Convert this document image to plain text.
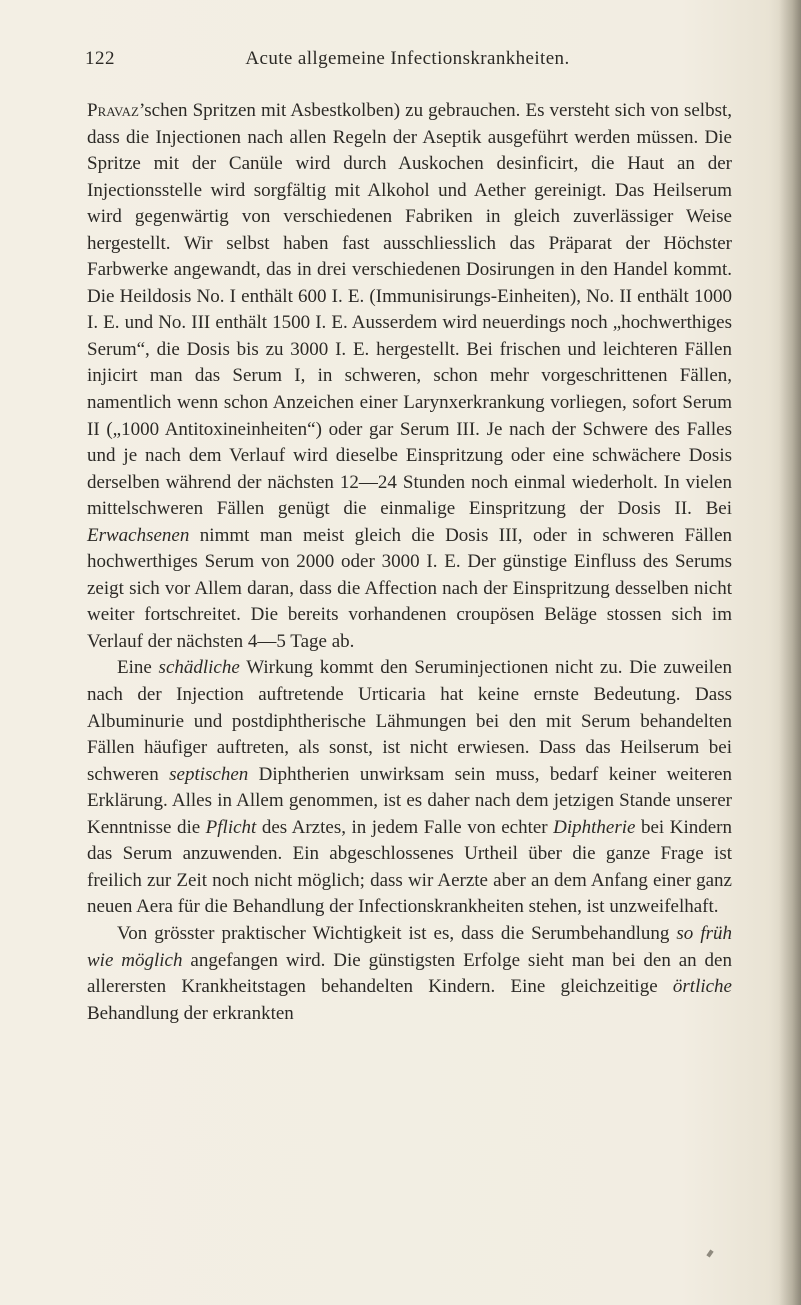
122	Acute allgemeine Infectionskrankheiten.

Pravaz’schen Spritzen mit Asbestkolben) zu gebrauchen. Es versteht sich von selbst, dass die Injectionen nach allen Regeln der Aseptik ausgeführt werden müssen. Die Spritze mit der Canüle wird durch Auskochen desinficirt, die Haut an der Injectionsstelle wird sorgfältig mit Alkohol und Aether gereinigt. Das Heilserum wird gegenwärtig von verschiedenen Fabriken in gleich zuverlässiger Weise hergestellt. Wir selbst haben fast ausschliesslich das Präparat der Höchster Farbwerke angewandt, das in drei verschiedenen Dosirungen in den Handel kommt. Die Heildosis No. I enthält 600 I. E. (Immunisirungs-Einheiten), No. II enthält 1000 I. E. und No. III enthält 1500 I. E. Ausserdem wird neuerdings noch „hochwerthiges Serum“, die Dosis bis zu 3000 I. E. hergestellt. Bei frischen und leichteren Fällen injicirt man das Serum I, in schweren, schon mehr vorgeschrittenen Fällen, namentlich wenn schon Anzeichen einer Larynxerkrankung vorliegen, sofort Serum II („1000 Antitoxineinheiten“) oder gar Serum III. Je nach der Schwere des Falles und je nach dem Verlauf wird dieselbe Einspritzung oder eine schwächere Dosis derselben während der nächsten 12—24 Stunden noch einmal wiederholt. In vielen mittelschweren Fällen genügt die einmalige Einspritzung der Dosis II. Bei Erwachsenen nimmt man meist gleich die Dosis III, oder in schweren Fällen hochwerthiges Serum von 2000 oder 3000 I. E. Der günstige Einfluss des Serums zeigt sich vor Allem daran, dass die Affection nach der Einspritzung desselben nicht weiter fortschreitet. Die bereits vorhandenen croupösen Beläge stossen sich im Verlauf der nächsten 4—5 Tage ab.

Eine schädliche Wirkung kommt den Seruminjectionen nicht zu. Die zuweilen nach der Injection auftretende Urticaria hat keine ernste Bedeutung. Dass Albuminurie und postdiphtherische Lähmungen bei den mit Serum behandelten Fällen häufiger auftreten, als sonst, ist nicht erwiesen. Dass das Heilserum bei schweren septischen Diphtherien unwirksam sein muss, bedarf keiner weiteren Erklärung. Alles in Allem genommen, ist es daher nach dem jetzigen Stande unserer Kenntnisse die Pflicht des Arztes, in jedem Falle von echter Diphtherie bei Kindern das Serum anzuwenden. Ein abgeschlossenes Urtheil über die ganze Frage ist freilich zur Zeit noch nicht möglich; dass wir Aerzte aber an dem Anfang einer ganz neuen Aera für die Behandlung der Infectionskrankheiten stehen, ist unzweifelhaft.

Von grösster praktischer Wichtigkeit ist es, dass die Serumbehandlung so früh wie möglich angefangen wird. Die günstigsten Erfolge sieht man bei den an den allerersten Krankheitstagen behandelten Kindern. Eine gleichzeitige örtliche Behandlung der erkrankten
